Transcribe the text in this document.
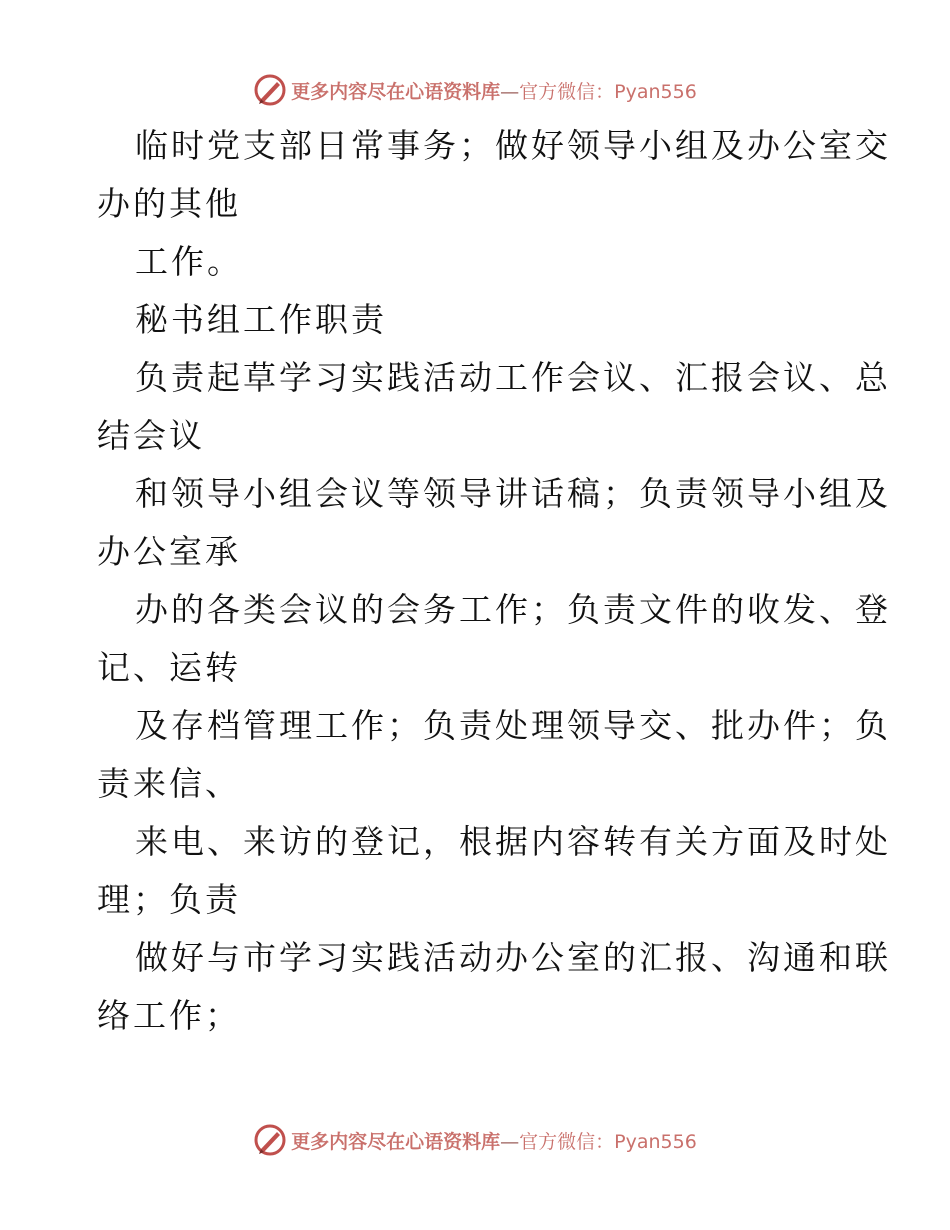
更多内容尽在心语资料库—官方微信：Pyan556
临时党支部日常事务；做好领导小组及办公室交
办的其他
工作。
秘书组工作职责
负责起草学习实践活动工作会议、汇报会议、总
结会议
和领导小组会议等领导讲话稿；负责领导小组及
办公室承
办的各类会议的会务工作；负责文件的收发、登
记、运转
及存档管理工作；负责处理领导交、批办件；负
责来信、
来电、来访的登记，根据内容转有关方面及时处
理；负责
做好与市学习实践活动办公室的汇报、沟通和联
络工作；
更多内容尽在心语资料库—官方微信：Pyan556
